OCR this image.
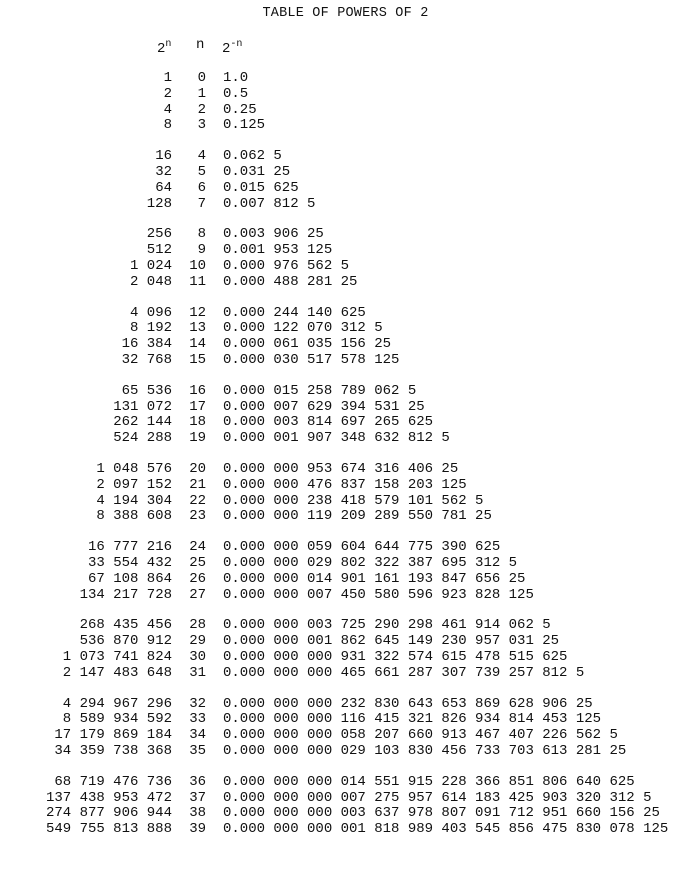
TABLE OF POWERS OF 2
2$^n$ n $2^{-n}$
1 0 1.0
2 1 0.5
4 2 0.25
8 3 0.125
16 4 0.062 5
32 5 0.031 25
64 6 0.015 625
128 7 0.007 812 5
256 8 0.003 906 25
512 9 0.001 953 125
1 024 10 0.000 976 562 5
2 048 11 0.000 488 281 25
4 096 12 0.000 244 140 625
8 192 13 0.000 122 070 312 5
16 384 14 0.000 061 035 156 25
32 768 15 0.000 030 517 578 125
65 536 16 0.000 015 258 789 062 5
131 072 17 0.000 007 629 394 531 25
262 144 18 0.000 003 814 697 265 625
524 288 19 0.000 001 907 348 632 812 5
1 048 576 20 0.000 000 953 674 316 406 25
2 097 152 21 0.000 000 476 837 158 203 125
4 194 304 22 0.000 000 238 418 579 101 562 5
8 388 608 23 0.000 000 119 209 289 550 781 25
16 777 216 24 0.000 000 059 604 644 775 390 625
33 554 432 25 0.000 000 029 802 322 387 695 312 5
67 108 864 26 0.000 000 014 901 161 193 847 656 25
134 217 728 27 0.000 000 007 450 580 596 923 828 125
268 435 456 28 0.000 000 003 725 290 298 461 914 062 5
536 870 912 29 0.000 000 001 862 645 149 230 957 031 25
1 073 741 824 30 0.000 000 000 931 322 574 615 478 515 625
2 147 483 648 31 0.000 000 000 465 661 287 307 739 257 812 5
4 294 967 296 32 0.000 000 000 232 830 643 653 869 628 906 25
8 589 934 592 33 0.000 000 000 116 415 321 826 934 814 453 125
17 179 869 184 34 0.000 000 000 058 207 660 913 467 407 226 562 5
34 359 738 368 35 0.000 000 000 029 103 830 456 733 703 613 281 25
68 719 476 736 36 0.000 000 000 014 551 915 228 366 851 806 640 625
137 438 953 472 37 0.000 000 000 007 275 957 614 183 425 903 320 312 5
274 877 906 944 38 0.000 000 000 003 637 978 807 091 712 951 660 156 25
549 755 813 888 39 0.000 000 000 001 818 989 403 545 856 475 830 078 125
